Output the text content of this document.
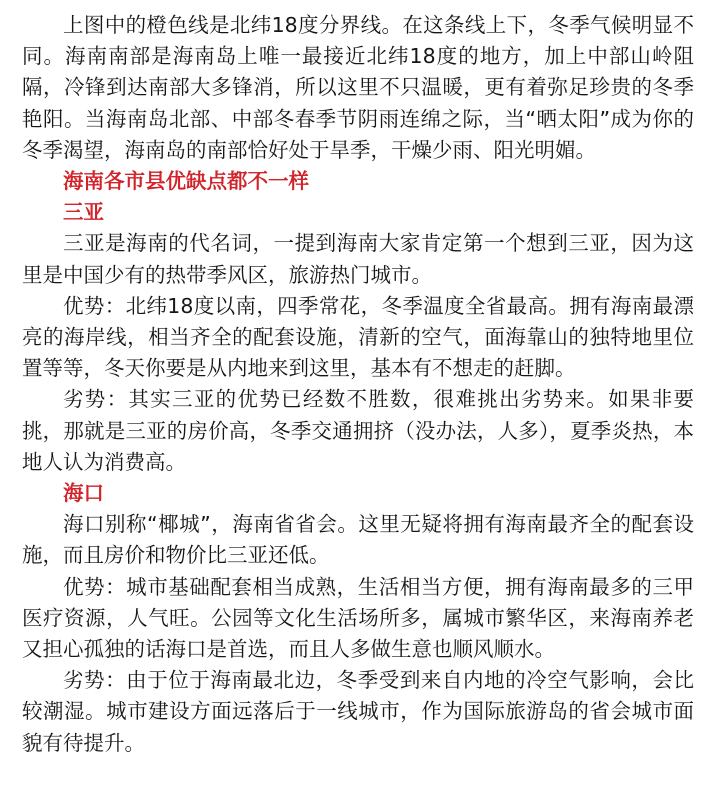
上图中的橙色线是北纬18度分界线。在这条线上下，冬季气候明显不同。海南南部是海南岛上唯一最接近北纬18度的地方，加上中部山岭阻隔，冷锋到达南部大多锋消，所以这里不只温暖，更有着弥足珍贵的冬季艳阳。当海南岛北部、中部冬春季节阴雨连绵之际，当“晒太阳”成为你的冬季渴望，海南岛的南部恰好处于旱季，干燥少雨、阳光明媚。

海南各市县优缺点都不一样
三亚

三亚是海南的代名词，一提到海南大家肯定第一个想到三亚，因为这里是中国少有的热带季风区，旅游热门城市。

优势：北纬18度以南，四季常花，冬季温度全省最高。拥有海南最漂亮的海岸线，相当齐全的配套设施，清新的空气，面海靠山的独特地里位置等等，冬天你要是从内地来到这里，基本有不想走的赶脚。

劣势：其实三亚的优势已经数不胜数，很难挑出劣势来。如果非要挑，那就是三亚的房价高，冬季交通拥挤（没办法，人多），夏季炎热，本地人认为消费高。

海口

海口别称“椰城”，海南省省会。这里无疑将拥有海南最齐全的配套设施，而且房价和物价比三亚还低。

优势：城市基础配套相当成熟，生活相当方便，拥有海南最多的三甲医疗资源，人气旺。公园等文化生活场所多，属城市繁华区，来海南养老又担心孤独的话海口是首选，而且人多做生意也顺风顺水。

劣势：由于位于海南最北边，冬季受到来自内地的冷空气影响，会比较潮湿。城市建设方面远落后于一线城市，作为国际旅游岛的省会城市面貌有待提升。
